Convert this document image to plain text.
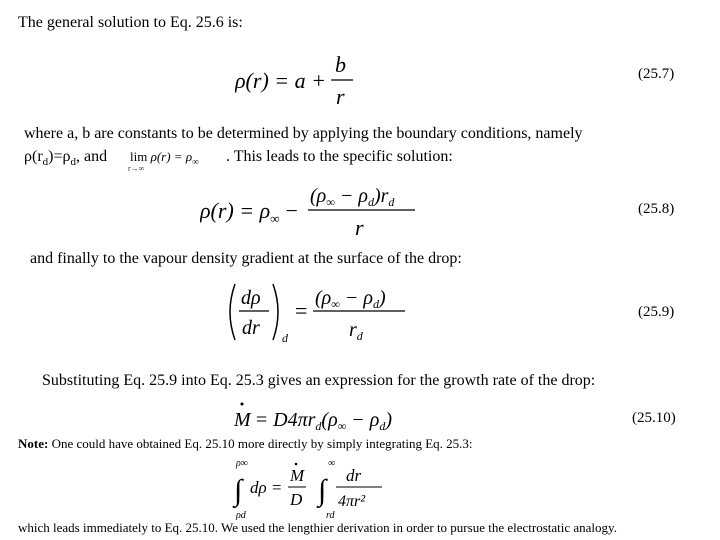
The general solution to Eq. 25.6 is:
ρ(r) = a +
b
r
(25.7)
where a, b are constants to be determined by applying the boundary conditions, namely
$\rho(r_d)=\rho_d$, and $\lim \rho(r) = \rho_\infty$
r→∞
. This leads to the specific solution:
$\rho(r) = \rho_\infty$ −
$(\rho_\infty - \rho_d)r_d$
r
(25.8)
and finally to the vapour density gradient at the surface of the drop:
dρ
dr d
= $(\rho_\infty - \rho_d)$
$r_d$
(25.9)
Substituting Eq. 25.9 into Eq. 25.3 gives an expression for the growth rate of the drop:
$M = D4\pi r_d(\rho_\infty - \rho_d)$	(25.10)
Note: One could have obtained Eq. 25.10 more directly by simply integrating Eq. 25.3:
ρ∞
∫
ρd
dρ =
M
D
∞
∫
rd
dr
4πr²
which leads immediately to Eq. 25.10. We used the lengthier derivation in order to pursue the electrostatic analogy.
